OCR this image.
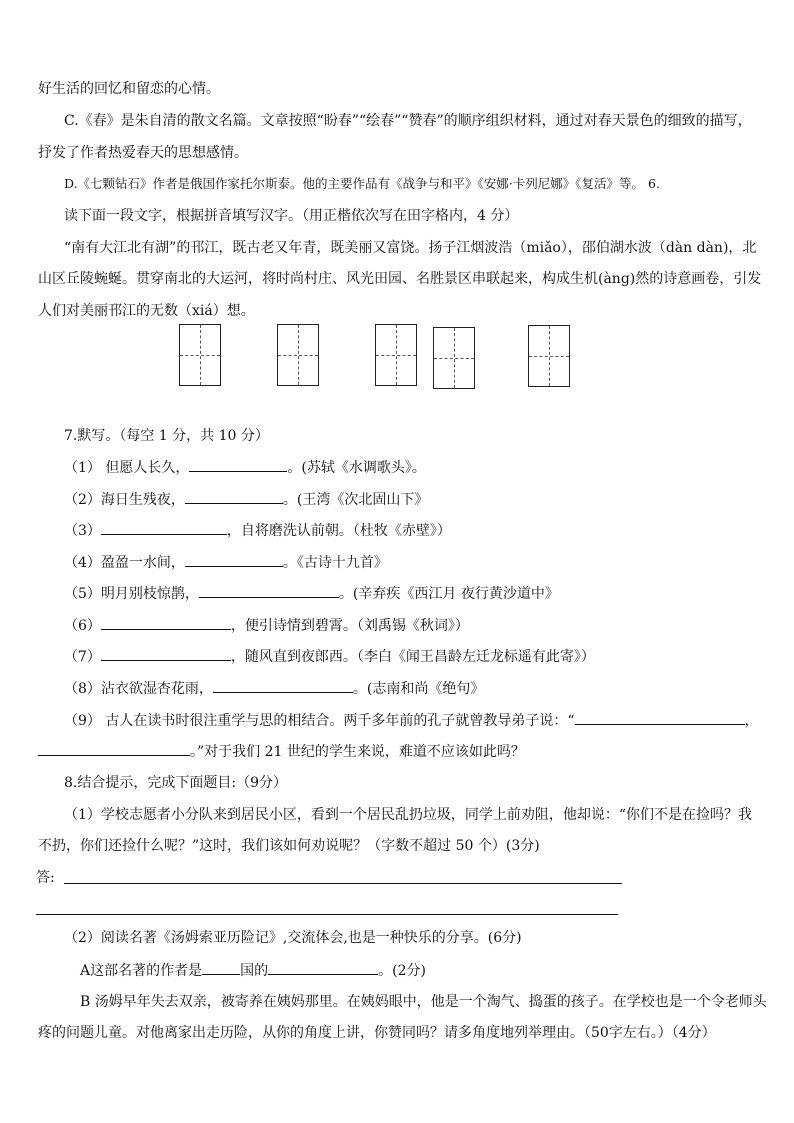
好生活的回忆和留恋的心情。
C.《春》是朱自清的散文名篇。文章按照“盼春”“绘春”“赞春”的顺序组织材料，通过对春天景色的细致的描写，
抒发了作者热爱春天的思想感情。
D.《七颗钻石》作者是俄国作家托尔斯泰。他的主要作品有《战争与和平》《安娜·卡列尼娜》《复活》等。 6.
读下面一段文字，根据拼音填写汉字。（用正楷依次写在田字格内，4 分）
“南有大江北有湖”的邗江，既古老又年青，既美丽又富饶。扬子江烟波浩（miǎo），邵伯湖水波（dàn dàn)，北
山区丘陵蜿蜒。贯穿南北的大运河，将时尚村庄、风光田园、名胜景区串联起来，构成生机(àng)然的诗意画卷，引发
人们对美丽邗江的无数（xiá）想。
7.默写。（每空 1 分，共 10 分）
（1） 但愿人长久，	。(苏轼《水调歌头》。
（2）海日生残夜，	。(王湾《次北固山下》
（3）	，自将磨洗认前朝。（杜牧《赤壁》）
（4）盈盈一水间，	。《古诗十九首》
（5）明月别枝惊鹊，	。(辛弃疾《西江月 夜行黄沙道中》
（6）	，便引诗情到碧霄。（刘禹锡《秋词》）
（7）	，随风直到夜郎西。（李白《闻王昌龄左迁龙标遥有此寄》）
（8）沾衣欲湿杏花雨，	。(志南和尚《绝句》
（9） 古人在读书时很注重学与思的相结合。两千多年前的孔子就曾教导弟子说：“	，
。”对于我们 21 世纪的学生来说，难道不应该如此吗？
8.结合提示，完成下面题目:（9分）
（1）学校志愿者小分队来到居民小区，看到一个居民乱扔垃圾，同学上前劝阻，他却说：“你们不是在捡吗？我
不扔，你们还捡什么呢？”这时，我们该如何劝说呢？（字数不超过 50 个）(3分)
答:
（2）阅读名著《汤姆索亚历险记》,交流体会,也是一种快乐的分享。(6分)
A这部名著的作者是	国的	。(2分)
B 汤姆早年失去双亲，被寄养在姨妈那里。在姨妈眼中，他是一个淘气、捣蛋的孩子。在学校也是一个令老师头
疼的问题儿童。对他离家出走历险，从你的角度上讲，你赞同吗？请多角度地列举理由。（50字左右。）（4分）
